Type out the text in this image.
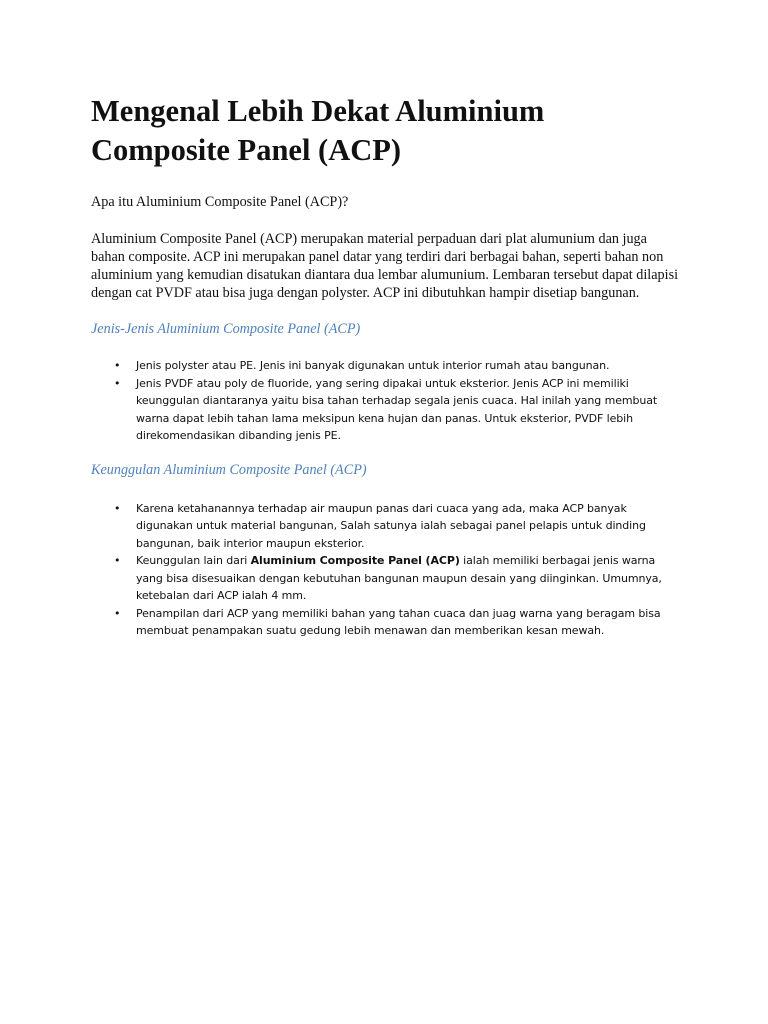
Mengenal Lebih Dekat Aluminium Composite Panel (ACP)

Apa itu Aluminium Composite Panel (ACP)?

Aluminium Composite Panel (ACP) merupakan material perpaduan dari plat alumunium dan juga bahan composite. ACP ini merupakan panel datar yang terdiri dari berbagai bahan, seperti bahan non aluminium yang kemudian disatukan diantara dua lembar alumunium. Lembaran tersebut dapat dilapisi dengan cat PVDF atau bisa juga dengan polyster. ACP ini dibutuhkan hampir disetiap bangunan.

Jenis-Jenis Aluminium Composite Panel (ACP)
• Jenis polyster atau PE. Jenis ini banyak digunakan untuk interior rumah atau bangunan.
• Jenis PVDF atau poly de fluoride, yang sering dipakai untuk eksterior. Jenis ACP ini memiliki keunggulan diantaranya yaitu bisa tahan terhadap segala jenis cuaca. Hal inilah yang membuat warna dapat lebih tahan lama meksipun kena hujan dan panas. Untuk eksterior, PVDF lebih direkomendasikan dibanding jenis PE.
Keunggulan Aluminium Composite Panel (ACP)
• Karena ketahanannya terhadap air maupun panas dari cuaca yang ada, maka ACP banyak digunakan untuk material bangunan, Salah satunya ialah sebagai panel pelapis untuk dinding bangunan, baik interior maupun eksterior.
• Keunggulan lain dari Aluminium Composite Panel (ACP) ialah memiliki berbagai jenis warna yang bisa disesuaikan dengan kebutuhan bangunan maupun desain yang diinginkan. Umumnya, ketebalan dari ACP ialah 4 mm.
• Penampilan dari ACP yang memiliki bahan yang tahan cuaca dan juag warna yang beragam bisa membuat penampakan suatu gedung lebih menawan dan memberikan kesan mewah.
